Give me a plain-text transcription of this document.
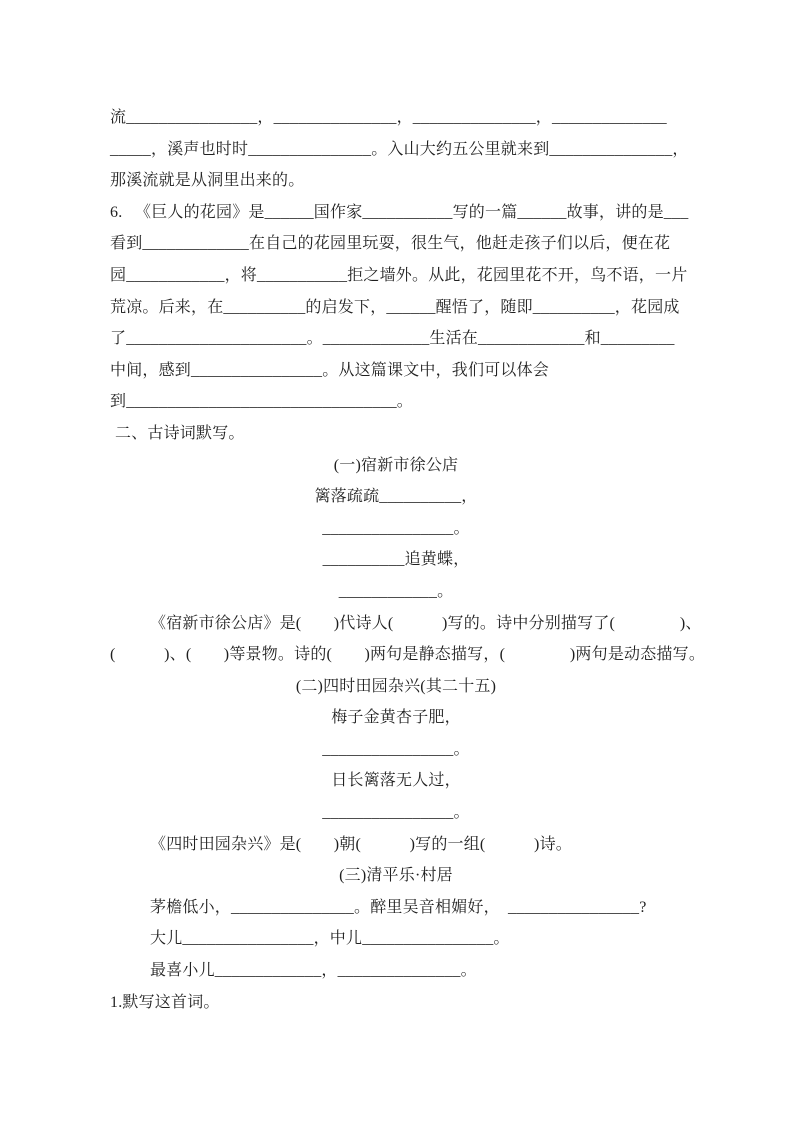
流________________，_______________，_______________，______________
_____，溪声也时时_______________。入山大约五公里就来到_______________，
那溪流就是从洞里出来的。
6.   《巨人的花园》是______国作家___________写的一篇______故事，讲的是___
看到_____________在自己的花园里玩耍，很生气，他赶走孩子们以后，便在花
园____________，将___________拒之墙外。从此，花园里花不开，鸟不语，一片
荒凉。后来，在__________的启发下，______醒悟了，随即__________，花园成
了______________________。_____________生活在_____________和_________
中间，感到________________。从这篇课文中，我们可以体会
到_________________________________。
二、古诗词默写。
(一)宿新市徐公店
篱落疏疏__________，
________________。
__________追黄蝶，
____________。
《宿新市徐公店》是(  )代诗人(   )写的。诗中分别描写了(    )、
(   )、(  )等景物。诗的(  )两句是静态描写，(    )两句是动态描写。
(二)四时田园杂兴(其二十五)
梅子金黄杏子肥，
________________。
日长篱落无人过，
________________。
《四时田园杂兴》是(  )朝(   )写的一组(   )诗。
(三)清平乐·村居
茅檐低小，_______________。醉里吴音相媚好， ________________?
大儿________________，中儿________________。
最喜小儿_____________，_______________。
1.默写这首词。
